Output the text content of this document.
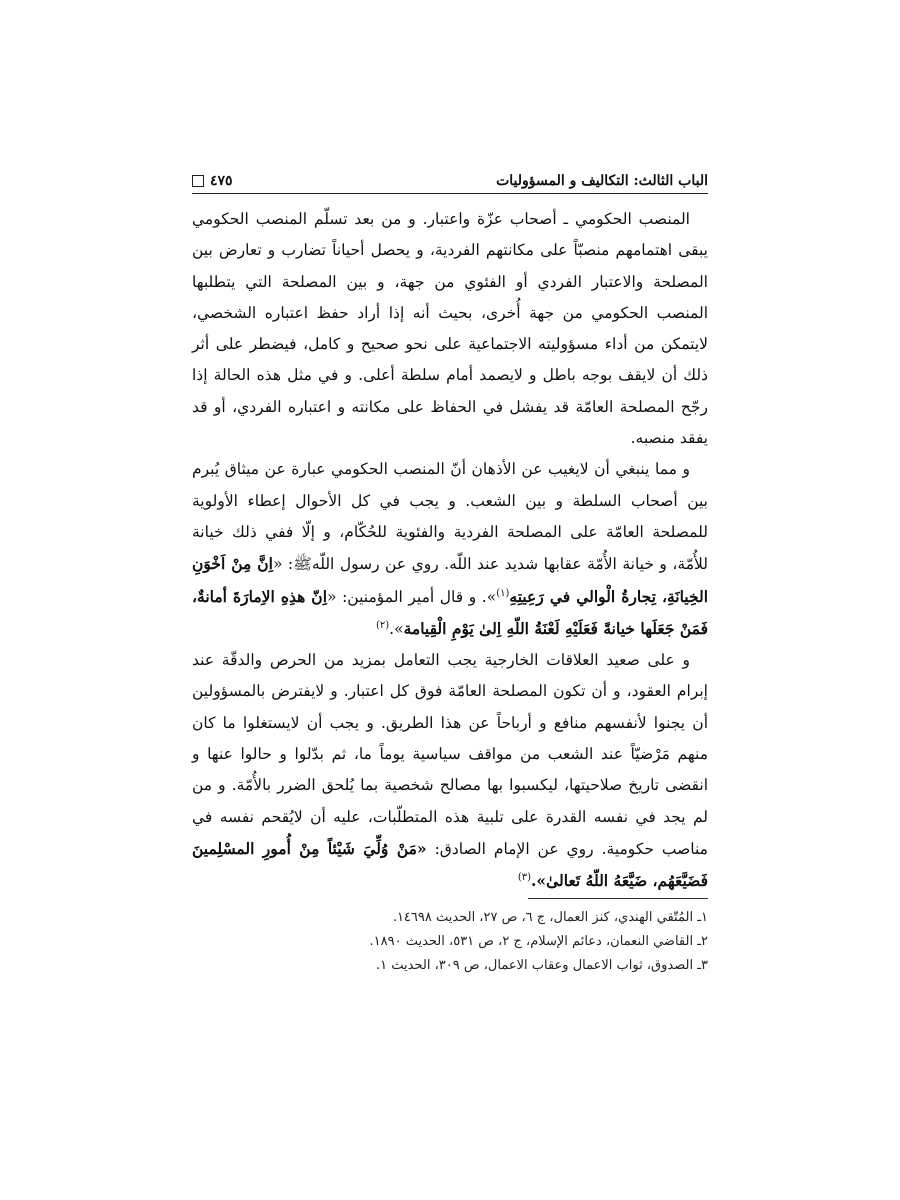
٤٧٥	الباب الثالث: التكاليف و المسؤوليات

المنصب الحكومي ـ أصحاب عزّة واعتبار. و من بعد تسلّم المنصب الحكومي يبقى اهتمامهم منصبّاً على مكانتهم الفردية، و يحصل أحياناً تضارب و تعارض بين المصلحة والاعتبار الفردي أو الفئوي من جهة، و بين المصلحة التي يتطلبها المنصب الحكومي من جهة أُخرى، بحيث أنه إذا أراد حفظ اعتباره الشخصي، لايتمكن من أداء مسؤوليته الاجتماعية على نحو صحيح و كامل، فيضطر على أثر ذلك أن لايقف بوجه باطل و لايصمد أمام سلطة أعلى. و في مثل هذه الحالة إذا رجّح المصلحة العامّة قد يفشل في الحفاظ على مكانته و اعتباره الفردي، أو قد يفقد منصبه.

و مما ينبغي أن لايغيب عن الأذهان أنّ المنصب الحكومي عبارة عن ميثاق يُبرم بين أصحاب السلطة و بين الشعب. و يجب في كل الأحوال إعطاء الأولوية للمصلحة العامّة على المصلحة الفردية والفئوية للحُكّام، و إلّا ففي ذلك خيانة للأُمّة، و خيانة الأُمّة عقابها شديد عند اللّه. روي عن رسول اللّهﷺ: «اِنَّ مِنْ اَخْوَنِ الخِيانَةِ، تِجارةُ الْوالي في رَعِيتِهِ$^{(١)}$». و قال أمير المؤمنين: «اِنّ هذِهِ الاِمارَةَ أمانةٌ، فَمَنْ جَعَلَها خيانةً فَعَلَيْهِ لَعْنَةُ اللّهِ اِلىٰ يَوْمِ الْقِيامة».$^{(٢)}$

و على صعيد العلاقات الخارجية يجب التعامل بمزيد من الحرص والدقّة عند إبرام العقود، و أن تكون المصلحة العامّة فوق كل اعتبار. و لايفترض بالمسؤولين أن يجنوا لأنفسهم منافع و أرباحاً عن هذا الطريق. و يجب أن لايستغلوا ما كان منهم مَرْضيّاً عند الشعب من مواقف سياسية يوماً ما، ثم بدّلوا و حالوا عنها و انقضى تاريخ صلاحيتها، ليكسبوا بها مصالح شخصية بما يُلحق الضرر بالأُمّة. و من لم يجد في نفسه القدرة على تلبية هذه المتطلّبات، عليه أن لايُقحم نفسه في مناصب حكومية. روي عن الإمام الصادق: «مَنْ وُلِّيَ شَيْئاً مِنْ أُمورِ المسْلِمينَ فَضَيَّعَهُم، ضَيَّعَهُ اللّهُ تَعالىٰ».$^{(٣)}$

١ـ المُتّقي الهندي، كنز العمال، ج ٦، ص ٢٧، الحديث ١٤٦٩٨.
٢ـ القاضي النعمان، دعائم الإسلام، ج ٢، ص ٥٣١، الحديث ١٨٩٠.
٣ـ الصدوق، ثواب الاعمال وعقاب الاعمال، ص ٣٠٩، الحديث ١.
